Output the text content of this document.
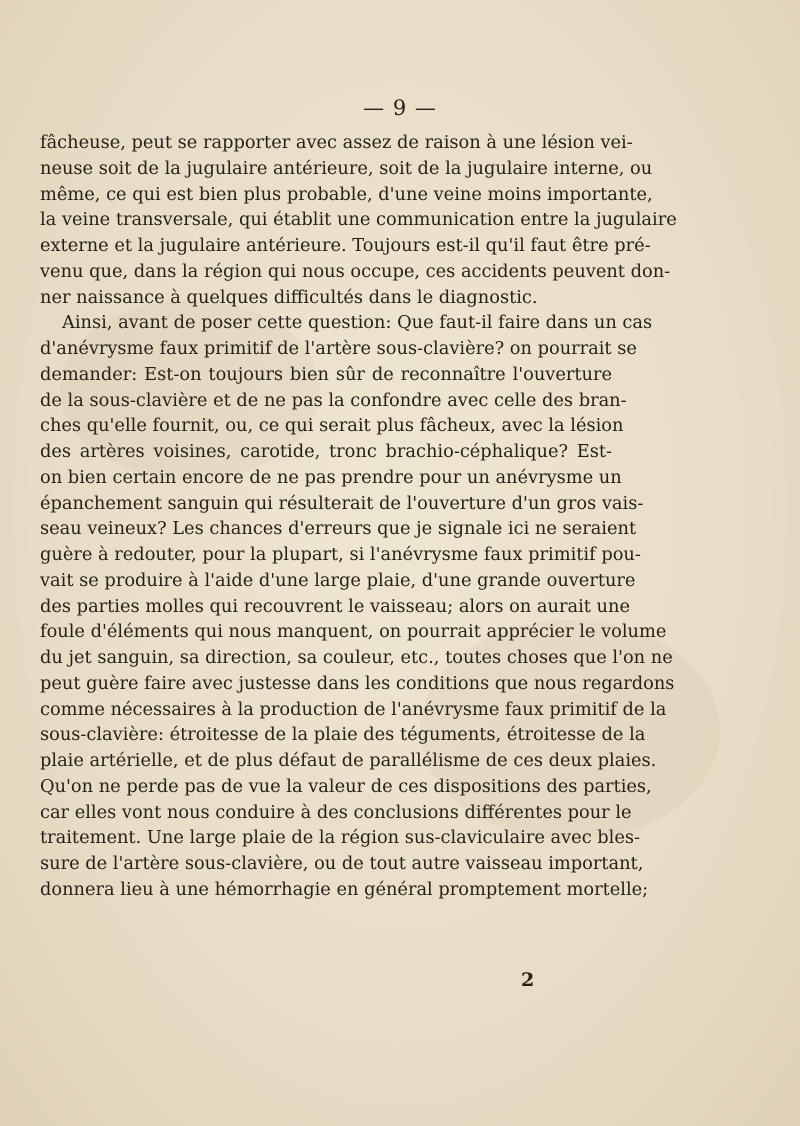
— 9 —
fâcheuse, peut se rapporter avec assez de raison à une lésion vei-
neuse soit de la jugulaire antérieure, soit de la jugulaire interne, ou
même, ce qui est bien plus probable, d'une veine moins importante,
la veine transversale, qui établit une communication entre la jugulaire
externe et la jugulaire antérieure. Toujours est-il qu'il faut être pré-
venu que, dans la région qui nous occupe, ces accidents peuvent don-
ner naissance à quelques difficultés dans le diagnostic.
Ainsi, avant de poser cette question: Que faut-il faire dans un cas
d'anévrysme faux primitif de l'artère sous-clavière? on pourrait se
demander: Est-on toujours bien sûr de reconnaître l'ouverture
de la sous-clavière et de ne pas la confondre avec celle des bran-
ches qu'elle fournit, ou, ce qui serait plus fâcheux, avec la lésion
des artères voisines, carotide, tronc brachio-céphalique? Est-
on bien certain encore de ne pas prendre pour un anévrysme un
épanchement sanguin qui résulterait de l'ouverture d'un gros vais-
seau veineux? Les chances d'erreurs que je signale ici ne seraient
guère à redouter, pour la plupart, si l'anévrysme faux primitif pou-
vait se produire à l'aide d'une large plaie, d'une grande ouverture
des parties molles qui recouvrent le vaisseau; alors on aurait une
foule d'éléments qui nous manquent, on pourrait apprécier le volume
du jet sanguin, sa direction, sa couleur, etc., toutes choses que l'on ne
peut guère faire avec justesse dans les conditions que nous regardons
comme nécessaires à la production de l'anévrysme faux primitif de la
sous-clavière: étroitesse de la plaie des téguments, étroitesse de la
plaie artérielle, et de plus défaut de parallélisme de ces deux plaies.
Qu'on ne perde pas de vue la valeur de ces dispositions des parties,
car elles vont nous conduire à des conclusions différentes pour le
traitement. Une large plaie de la région sus-claviculaire avec bles-
sure de l'artère sous-clavière, ou de tout autre vaisseau important,
donnera lieu à une hémorrhagie en général promptement mortelle;
2
